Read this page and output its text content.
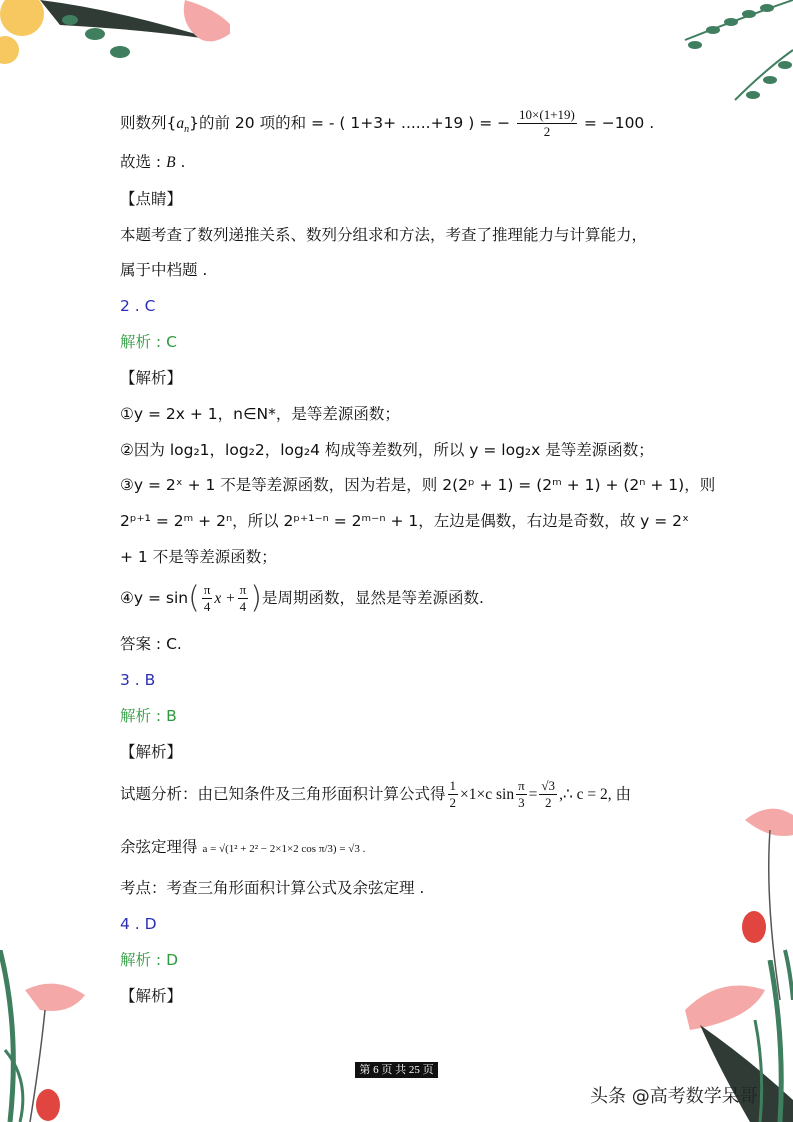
则数列$\{a_n\}$的前 20 项的和 = - ( 1+3+ ......+19 ) = − $\frac{10\times(1+19)}{2} = -100$ .
故选 : B .
【点睛】
本题考查了数列递推关系、数列分组求和方法，考查了推理能力与计算能力，
属于中档题 .
2 . C
解析 : C
【解析】
①y = 2x + 1，n∈N*，是等差源函数；
②因为 log₂1，log₂2，log₂4 构成等差数列，所以 y = log₂x 是等差源函数；
③y = 2ˣ + 1 不是等差源函数，因为若是，则 2(2ᵖ + 1) = (2ᵐ + 1) + (2ⁿ + 1)，则
2ᵖ⁺¹ = 2ᵐ + 2ⁿ，所以 2ᵖ⁺¹⁻ⁿ = 2ᵐ⁻ⁿ + 1，左边是偶数，右边是奇数，故 y = 2ˣ
+ 1 不是等差源函数；
④y = $\sin( \frac{\pi}{4}$ $x + \frac{\pi}{4}$ )是周期函数，显然是等差源函数.
答案 : C.
3 . B
解析 : B
【解析】
试题分析：由已知条件及三角形面积计算公式得 $\frac{1}{2} \times 1\times c$ $\sin \frac{\pi}{3} = \frac{√3}{2}$ ,∴ c = 2, 由
余弦定理得 a = √(1² + 2² − 2×1×2 cos π/3) = √3 .
考点：考查三角形面积计算公式及余弦定理 .
4 . D
解析 : D
【解析】
第 6 页 共 25 页
头条 @高考数学呆哥
